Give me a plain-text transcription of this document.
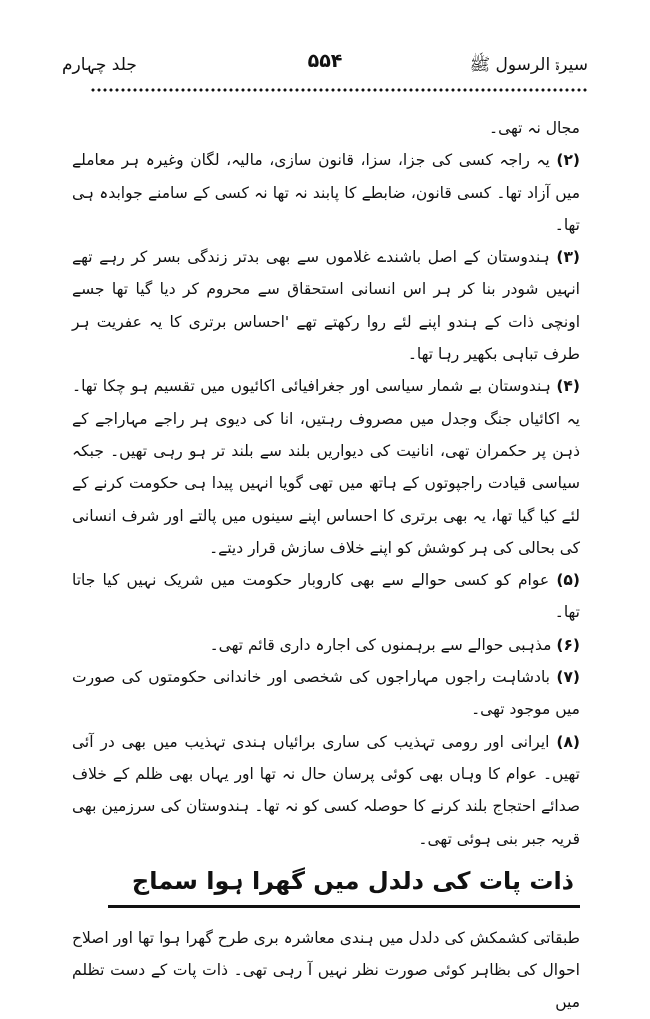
جلد چہارم	۵۵۴	سیرۃ الرسول ﷺ

مجال نہ تھی۔

(۲) یہ راجہ کسی کی جزا، سزا، قانون سازی، مالیہ، لگان وغیرہ ہر معاملے میں آزاد تھا۔ کسی قانون، ضابطے کا پابند نہ تھا نہ کسی کے سامنے جوابدہ ہی تھا۔

(۳) ہندوستان کے اصل باشندے غلاموں سے بھی بدتر زندگی بسر کر رہے تھے انہیں شودر بنا کر ہر اس انسانی استحقاق سے محروم کر دیا گیا تھا جسے اونچی ذات کے ہندو اپنے لئے روا رکھتے تھے 'احساس برتری کا یہ عفریت ہر طرف تباہی بکھیر رہا تھا۔

(۴) ہندوستان بے شمار سیاسی اور جغرافیائی اکائیوں میں تقسیم ہو چکا تھا۔ یہ اکائیاں جنگ وجدل میں مصروف رہتیں، انا کی دیوی ہر راجے مہاراجے کے ذہن پر حکمران تھی، انانیت کی دیواریں بلند سے بلند تر ہو رہی تھیں۔ جبکہ سیاسی قیادت راجپوتوں کے ہاتھ میں تھی گویا انہیں پیدا ہی حکومت کرنے کے لئے کیا گیا تھا، یہ بھی برتری کا احساس اپنے سینوں میں پالتے اور شرف انسانی کی بحالی کی ہر کوشش کو اپنے خلاف سازش قرار دیتے۔

(۵) عوام کو کسی حوالے سے بھی کاروبار حکومت میں شریک نہیں کیا جاتا تھا۔

(۶) مذہبی حوالے سے برہمنوں کی اجارہ داری قائم تھی۔

(۷) بادشاہت راجوں مہاراجوں کی شخصی اور خاندانی حکومتوں کی صورت میں موجود تھی۔

(۸) ایرانی اور رومی تہذیب کی ساری برائیاں ہندی تہذیب میں بھی در آئی تھیں۔ عوام کا وہاں بھی کوئی پرسان حال نہ تھا اور یہاں بھی ظلم کے خلاف صدائے احتجاج بلند کرنے کا حوصلہ کسی کو نہ تھا۔ ہندوستان کی سرزمین بھی قریہ جبر بنی ہوئی تھی۔

ذات پات کی دلدل میں گھرا ہوا سماج

طبقاتی کشمکش کی دلدل میں ہندی معاشرہ بری طرح گھرا ہوا تھا اور اصلاح احوال کی بظاہر کوئی صورت نظر نہیں آ رہی تھی۔ ذات پات کے دست تظلم میں
